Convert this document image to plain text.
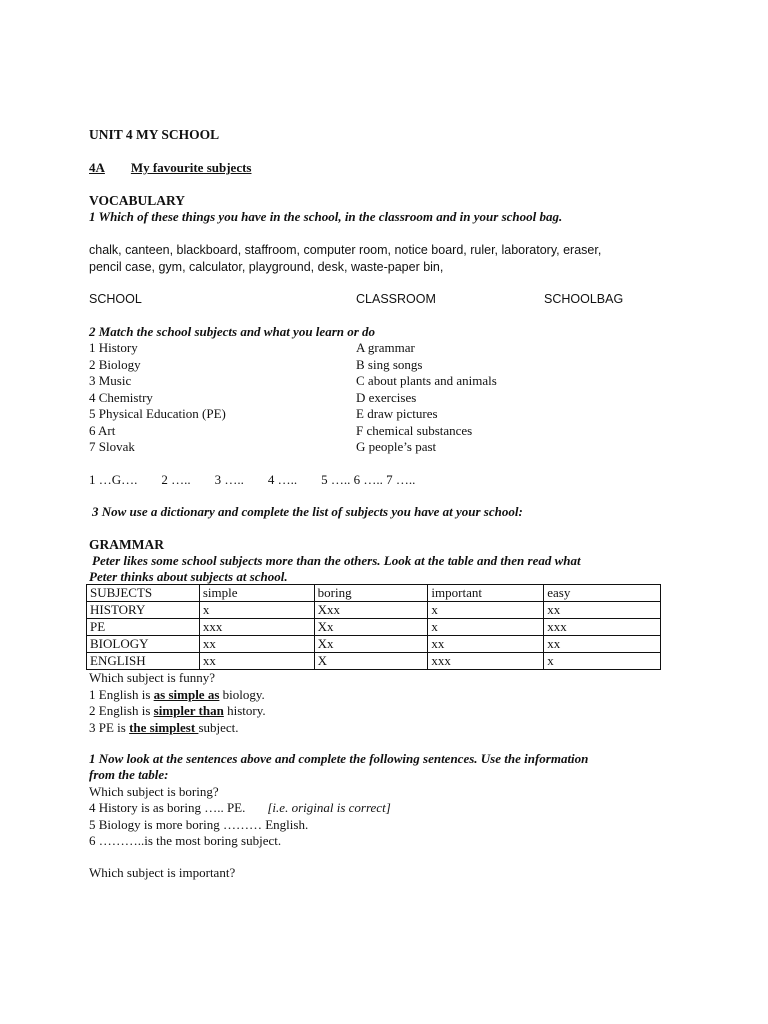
UNIT 4 MY SCHOOL
4A My favourite subjects
VOCABULARY
1 Which of these things you have in the school, in the classroom and in your school bag.
chalk, canteen, blackboard, staffroom, computer room, notice board, ruler, laboratory, eraser,
pencil case, gym, calculator, playground, desk, waste-paper bin,
SCHOOL	CLASSROOM	SCHOOLBAG
2 Match the school subjects and what you learn or do
1 History	A grammar
2 Biology	B sing songs
3 Music	C about plants and animals
4 Chemistry	D exercises
5 Physical Education (PE)	E draw pictures
6 Art	F chemical substances
7 Slovak	G people’s past
1 …G…. 2 ….. 3 ….. 4 ….. 5 ….. 6 ….. 7 …..
3 Now use a dictionary and complete the list of subjects you have at your school:
GRAMMAR
Peter likes some school subjects more than the others. Look at the table and then read what
Peter thinks about subjects at school.
SUBJECTS	simple	boring	important	easy
HISTORY	x	Xxx	x	xx
PE	xxx	Xx	x	xxx
BIOLOGY	xx	Xx	xx	xx
ENGLISH	xx	X	xxx	x
Which subject is funny?
1 English is as simple as biology.
2 English is simpler than history.
3 PE is the simplest subject.
1 Now look at the sentences above and complete the following sentences. Use the information
from the table:
Which subject is boring?
4 History is as boring ….. PE. [i.e. original is correct]
5 Biology is more boring ……… English.
6 ………..is the most boring subject.
Which subject is important?
